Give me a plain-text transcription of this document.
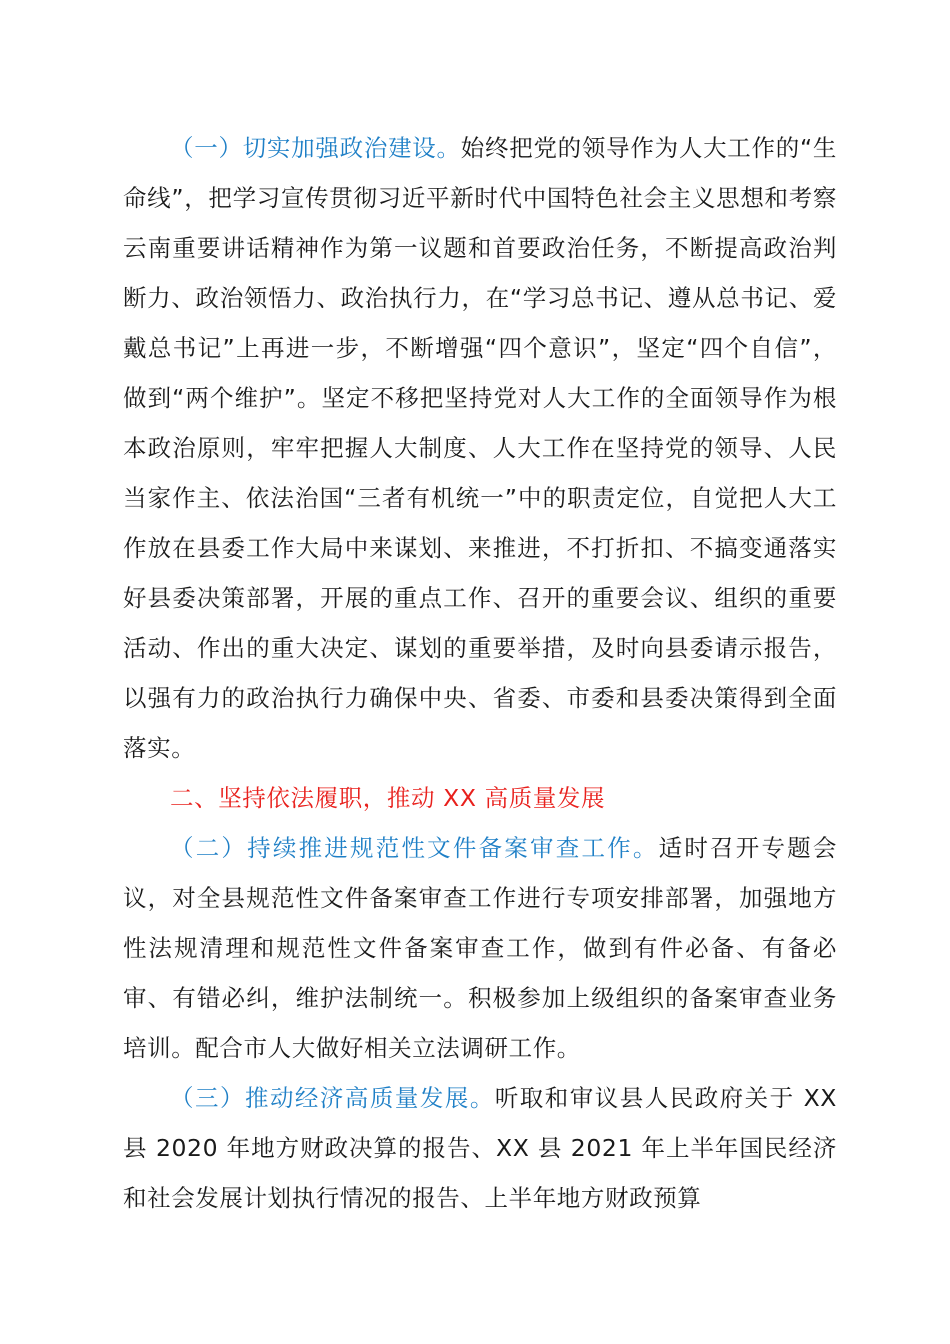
（一）切实加强政治建设。始终把党的领导作为人大工作的“生命线”，把学习宣传贯彻习近平新时代中国特色社会主义思想和考察云南重要讲话精神作为第一议题和首要政治任务，不断提高政治判断力、政治领悟力、政治执行力，在“学习总书记、遵从总书记、爱戴总书记”上再进一步，不断增强“四个意识”，坚定“四个自信”，做到“两个维护”。坚定不移把坚持党对人大工作的全面领导作为根本政治原则，牢牢把握人大制度、人大工作在坚持党的领导、人民当家作主、依法治国“三者有机统一”中的职责定位，自觉把人大工作放在县委工作大局中来谋划、来推进，不打折扣、不搞变通落实好县委决策部署，开展的重点工作、召开的重要会议、组织的重要活动、作出的重大决定、谋划的重要举措，及时向县委请示报告，以强有力的政治执行力确保中央、省委、市委和县委决策得到全面落实。

二、坚持依法履职，推动 XX 高质量发展

（二）持续推进规范性文件备案审查工作。适时召开专题会议，对全县规范性文件备案审查工作进行专项安排部署，加强地方性法规清理和规范性文件备案审查工作，做到有件必备、有备必审、有错必纠，维护法制统一。积极参加上级组织的备案审查业务培训。配合市人大做好相关立法调研工作。

（三）推动经济高质量发展。听取和审议县人民政府关于 XX 县 2020 年地方财政决算的报告、XX 县 2021 年上半年国民经济和社会发展计划执行情况的报告、上半年地方财政预算
